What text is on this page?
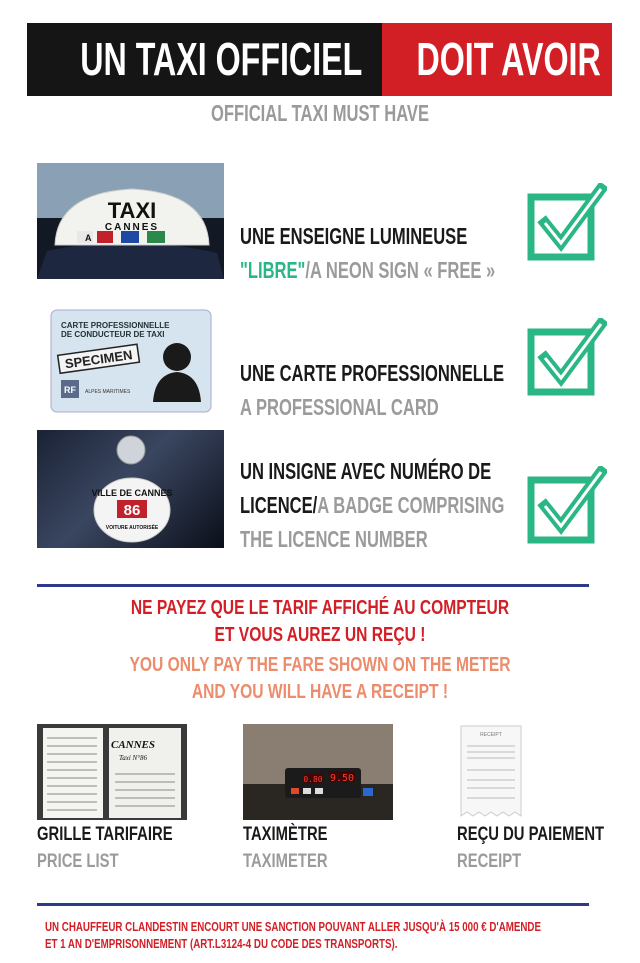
UN TAXI OFFICIEL DOIT AVOIR
OFFICIAL TAXI MUST HAVE
A
TAXI
CANNES
CARTE PROFESSIONNELLE
DE CONDUCTEUR DE TAXI
SPECIMEN
RF ALPES MARITIMES
VILLE DE CANNES
86
VOITURE AUTORISÉE
UNE ENSEIGNE LUMINEUSE
"LIBRE"/A NEON SIGN « FREE »
UNE CARTE PROFESSIONNELLE
A PROFESSIONAL CARD
UN INSIGNE AVEC NUMÉRO DE
LICENCE/A BADGE COMPRISING
THE LICENCE NUMBER
NE PAYEZ QUE LE TARIF AFFICHÉ AU COMPTEUR
ET VOUS AUREZ UN REÇU !
YOU ONLY PAY THE FARE SHOWN ON THE METER
AND YOU WILL HAVE A RECEIPT !
CANNES
Taxi N°86
0.80 9.50
RECEIPT
GRILLE TARIFAIRE
PRICE LIST
TAXIMÈTRE
TAXIMETER
REÇU DU PAIEMENT
RECEIPT
UN CHAUFFEUR CLANDESTIN ENCOURT UNE SANCTION POUVANT ALLER JUSQU'À 15 000 € D'AMENDE
ET 1 AN D'EMPRISONNEMENT (ART.L3124-4 DU CODE DES TRANSPORTS).
